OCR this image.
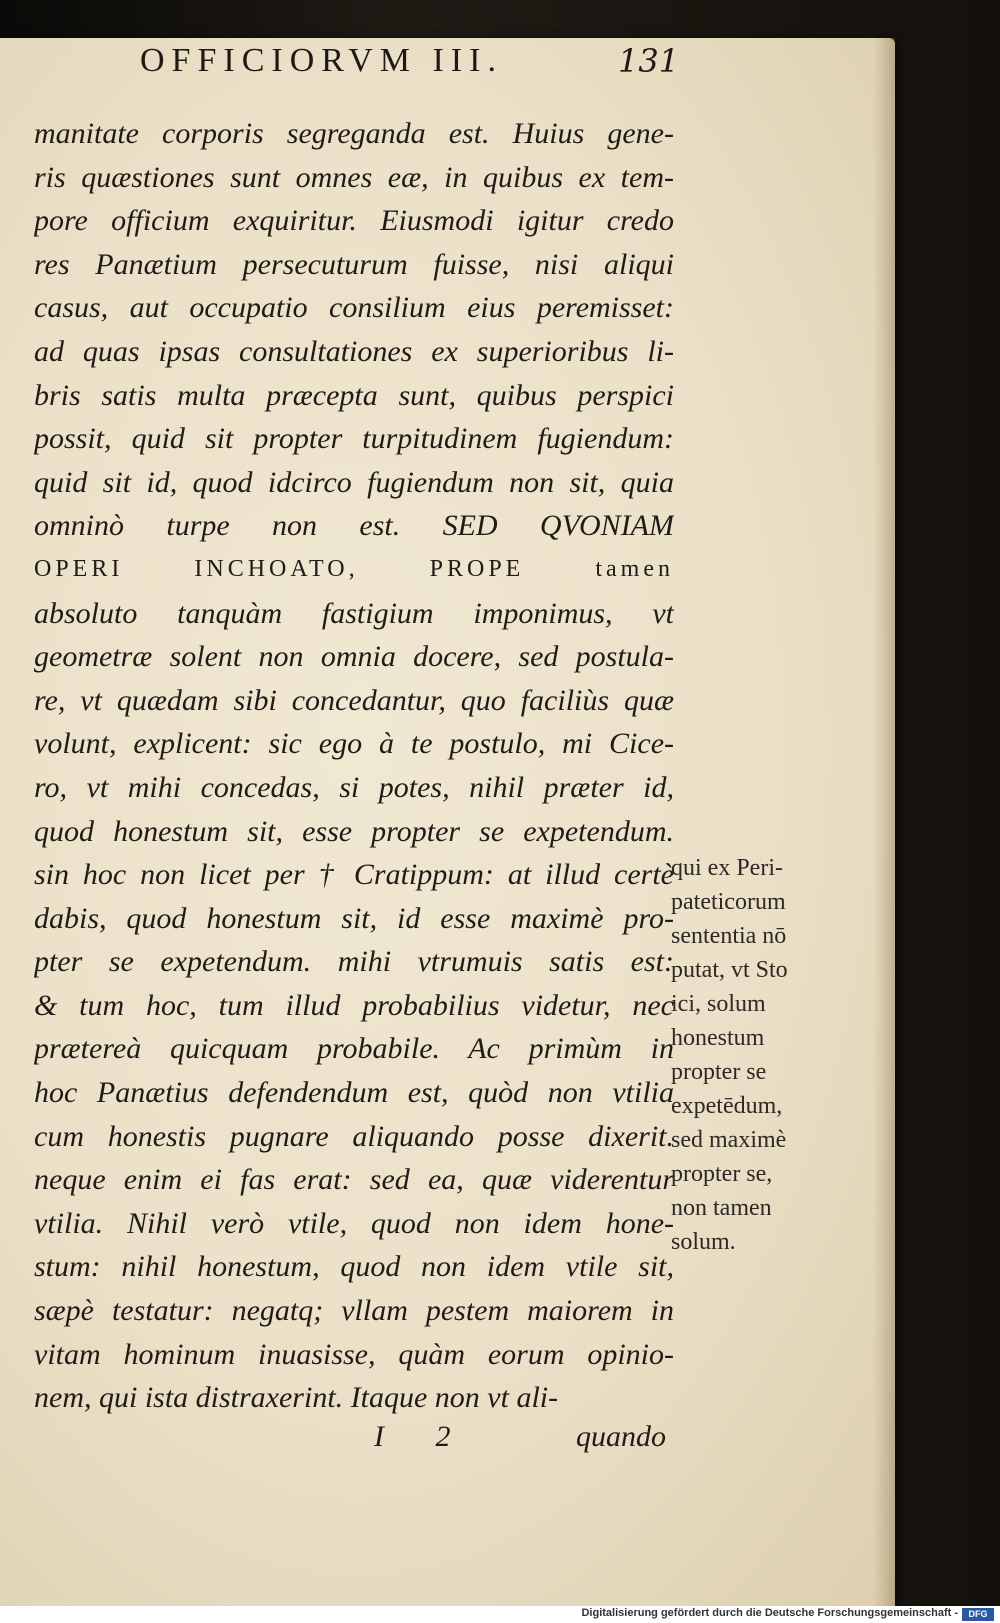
OFFICIORVM III.	131
manitate corporis segreganda est. Huius gene-
ris quæstiones sunt omnes eæ, in quibus ex tem-
pore officium exquiritur. Eiusmodi igitur credo
res Panætium persecuturum fuisse, nisi aliqui
casus, aut occupatio consilium eius peremisset:
ad quas ipsas consultationes ex superioribus li-
bris satis multa præcepta sunt, quibus perspici
possit, quid sit propter turpitudinem fugiendum:
quid sit id, quod idcirco fugiendum non sit, quia
omninò turpe non est. SED QVONIAM
OPERI INCHOATO, PROPE tamen
absoluto tanquàm fastigium imponimus, vt
geometræ solent non omnia docere, sed postula-
re, vt quædam sibi concedantur, quo faciliùs quæ
volunt, explicent: sic ego à te postulo, mi Cice-
ro, vt mihi concedas, si potes, nihil præter id,
quod honestum sit, esse propter se expetendum.
sin hoc non licet per † Cratippum: at illud certè
dabis, quod honestum sit, id esse maximè pro-
pter se expetendum. mihi vtrumuis satis est:
& tum hoc, tum illud probabilius videtur, nec
prætereà quicquam probabile. Ac primùm in
hoc Panætius defendendum est, quòd non vtilia
cum honestis pugnare aliquando posse dixerit.
neque enim ei fas erat: sed ea, quæ viderentur
vtilia. Nihil verò vtile, quod non idem hone-
stum: nihil honestum, quod non idem vtile sit,
sæpè testatur: negatq; vllam pestem maiorem in
vitam hominum inuasisse, quàm eorum opinio-
nem, qui ista distraxerint. Itaque non vt ali-
qui ex Peri-
pateticorum
sententia nō
putat, vt Sto
ici, solum
honestum
propter se
expetēdum,
sed maximè
propter se,
non tamen
solum.
I 2	quando
Digitalisierung gefördert durch die Deutsche Forschungsgemeinschaft -	DFG
